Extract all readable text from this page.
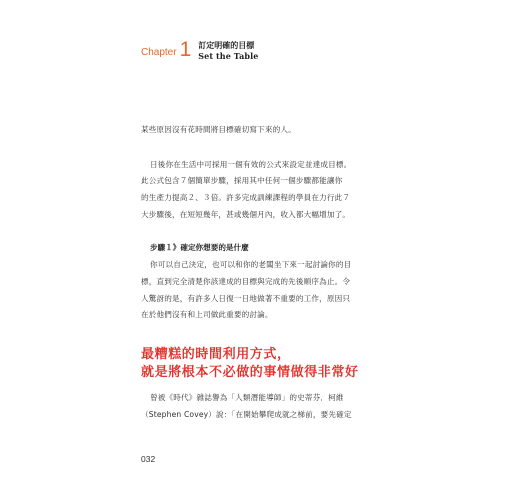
Chapter 1 訂定明確的目標
Set the Table
某些原因沒有花時間將目標確切寫下來的人。
日後你在生活中可採用一個有效的公式來設定並達成目標。
此公式包含７個簡單步驟，採用其中任何一個步驟都能讓你
的生產力提高２、３倍。許多完成訓練課程的學員在力行此７
大步驟後，在短短幾年，甚或幾個月內，收入都大幅增加了。
步驟１》確定你想要的是什麼
你可以自己決定，也可以和你的老闆坐下來一起討論你的目
標，直到完全清楚你該達成的目標與完成的先後順序為止。令
人驚訝的是，有許多人日復一日地做著不重要的工作，原因只
在於他們沒有和上司做此重要的討論。
最糟糕的時間利用方式，
就是將根本不必做的事情做得非常好
曾被《時代》雜誌譽為「人類潛能導師」的史蒂芬．柯維
（Stephen Covey）說：「在開始攀爬成就之梯前，要先確定
032
